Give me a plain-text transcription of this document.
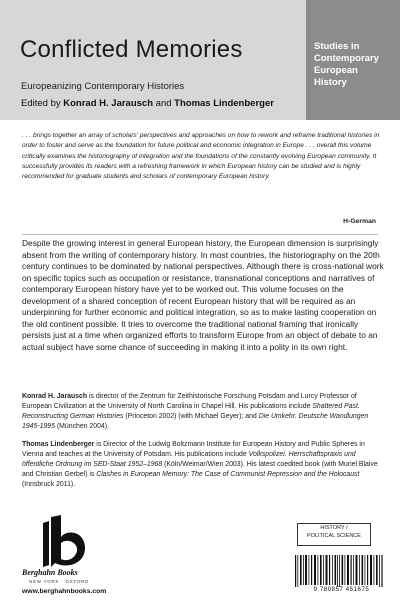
Conflicted Memories
Europeanizing Contemporary Histories
Edited by Konrad H. Jarausch and Thomas Lindenberger
Studies in
Contemporary
European
History
. . . brings together an array of scholars' perspectives and approaches on how to rework and reframe traditional histories in order to foster and serve as the foundation for future political and economic integration in Europe . . . overall this volume critically examines the historiography of integration and the foundations of the constantly evolving European community. It successfully provides its readers with a refreshing framework in which European history can be studied and is highly recommended for graduate students and scholars of contemporary European history.
H-German
Despite the growing interest in general European history, the European dimension is surprisingly absent from the writing of contemporary history. In most countries, the historiography on the 20th century continues to be dominated by national perspectives. Although there is cross-national work on specific topics such as occupation or resistance, transnational conceptions and narratives of contemporary European history have yet to be worked out. This volume focuses on the development of a shared conception of recent European history that will be required as an underpinning for further economic and political integration, so as to make lasting cooperation on the old continent possible. It tries to overcome the traditional national framing that ironically persists just at a time when organized efforts to transform Europe from an object of debate to an actual subject have some chance of succeeding in making it into a polity in its own right.
Konrad H. Jarausch is director of the Zentrum für Zeithistorische Forschung Potsdam and Lurcy Professor of European Civilization at the University of North Carolina in Chapel Hill. His publications include Shattered Past. Reconstructing German Histories (Princeton 2002) (with Michael Geyer); and Die Umkehr. Deutsche Wandlungen 1945-1995 (München 2004).
Thomas Lindenberger is Director of the Ludwig Boltzmann Institute for European History and Public Spheres in Vienna and teaches at the University of Potsdam. His publications include Volkspolizei. Herrschaftspraxis und öffentliche Ordnung im SED-Staat 1952–1968 (Köln/Weimar/Wien 2003). His latest coedited book (with Muriel Blaive and Christian Gerbel) is Clashes in European Memory: The Case of Communist Repression and the Holocaust (Innsbruck 2011).
Berghahn Books
NEW YORK · OXFORD
www.berghahnbooks.com
HISTORY /
POLITICAL SCIENCE
9 780857 451675
